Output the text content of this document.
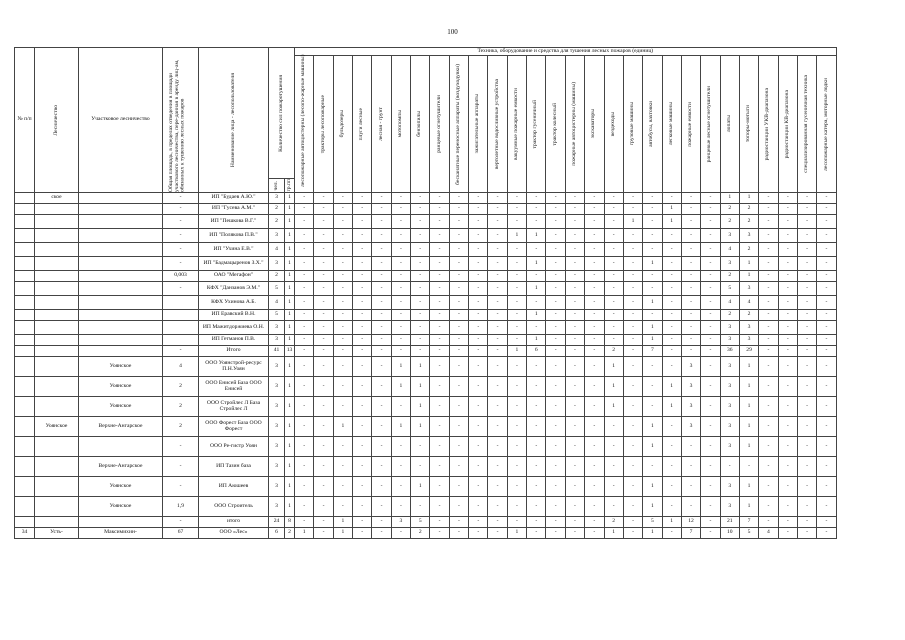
100
№ п/п	Лесничество	Участковое лесничество	Общая площадь, в пределах отведения в площади участкового лесничества, пере-данная в аренду лиц-ам, обязанных к тушению лесных пожаров	Наименование лица - лесопользователя	Количество сил пожаротушения		Техника, оборудование и средства для тушения лесных пожаров (единиц)																											

							лесопожарные автоцистерны (лесопо-жарные машины)	тракторы лесопожарные	бульдозеры	плуги лесные	лесная - грунт	мотопомпы	бензопилы	ранцевые огнетушители	бесканатные переносные аппараты (воздуходувки)	зажигательные аппараты	вертолетные водосливные устройства	вакуумные пожарные емкости	трактор гусеничный	трактор колесный	пожарные автоцистерны (машины)	экскаваторы	вездеходы	грузовые машины	автобусы, вахтовки	легковые машины	пожарные емкости	ранцевые лесные огнетушители	лопаты	топоры-мотыги	радиостанции УКВ-диапазона	радиостанции КВ-диапазона	специализированная гусеничная техника	лесопожарные катера, моторные лодки

					чел.	гр.пп																												

	ское		-	ИП "Будаев А.Ю."	3	1	-	-	-	-	-	-	-	-	-	-	-	-	-	-	-	-	-	-	-	-	-	-	1	1	-	-	-	-
			-	ИП "Гусева А.М."	2	1	-	-	-	-	-	-	-	-	-	-	-	-	-	-	-	-	-	-	-	1	-	-	2	2	-	-	-	-
			-	ИП "Пешкова В.Г."	2	1	-	-	-	-	-	-	-	-	-	-	-	-	-	-	-	-	-	1	-	1	-	-	2	2	-	-	-	-
			-	ИП "Полякова П.В."	3	1	-	-	-	-	-	-	-	-	-	-	-	1	1	-	-	-	-	-	-	-	-	-	3	3	-	-	-	-
			-	ИП "Ухина Е.В."	4	1	-	-	-	-	-	-	-	-	-	-	-	-	-	-	-	-	-	-	-	-	-	-	4	2	-	-	-	-
			-	ИП "Бадмацыренов З.Х."	3	1	-	-	-	-	-	-	-	-	-	-	-	-	1	-	-	-	-	-	1	-	-	-	3	1	-	-	-	-
			0,003	ОАО "Мегафон"	2	1	-	-	-	-	-	-	-	-	-	-	-	-	-	-	-	-	-	-	-	-	-	-	2	1	-	-	-	-
			-	КФХ "Данзанов Э.М."	5	1	-	-	-	-	-	-	-	-	-	-	-	-	1	-	-	-	-	-	-	-	-	-	5	3	-	-	-	-
				КФХ Ухинова А.Б.	4	1	-	-	-	-	-	-	-	-	-	-	-	-	-	-	-	-	-	-	1	-	-	-	4	4	-	-	-	-
				ИП Еравский В.Н.	5	1	-	-	-	-	-	-	-	-	-	-	-	-	1	-	-	-	-	-	-	-	-	-	2	2	-	-	-	-
				ИП Мажитдоржиева О.Н.	3	1	-	-	-	-	-	-	-	-	-	-	-	-	-	-	-	-	-	-	1	-	-	-	3	3	-	-	-	-
				ИП Гетманов П.В.	3	1	-	-	-	-	-	-	-	-	-	-	-	-	1	-	-	-	-	-	1	-	-	-	3	3	-	-	-	-
			-	Итого	41	13	-	-	-	-	-	-	-	-	-	-	-	1	6	-	-	-	2	-	7	-	-	-	36	29	-	-	-	-
		Уоянское	4	ООО Уоянстрой-ресурс П.Н.Уоян	3	1	-	-	-	-	-	1	1	-	-	-	-	-	-	-	-	-	1	-	-	-	3	-	3	1	-	-	-	-
		Уоянское	2	ООО Енисей База ООО Енисей	3	1	-	-	-	-	-	1	1	-	-	-	-	-	-	-	-	-	1	-	-	1	3	-	3	1	-	-	-	-
		Уоянское	2	ООО Стройлес Л База Стройлес Л	3	1	-	-	-	-	-	-	1	-	-	-	-	-	-	-	-	-	1	-	-	1	3	-	3	1	-	-	-	-
	Уоянское	Верхне-Ангарское	2	ООО Форест База ООО Форест	3	1	-	-	1	-	-	1	1	-	-	-	-	-	-	-	-	-	-	-	1	-	3	-	3	1	-	-	-	-
			-	ООО Ре-гистр Уоян	3	1	-	-	-	-	-	-	-	-	-	-	-	-	-	-	-	-	-	-	1	-	-	-	3	1	-	-	-	-
		Верхне-Ангарское	-	ИП Тазин база	3	1	-	-	-	-	-	-	-	-	-	-	-	-	-	-	-	-	-	-	-	-	-	-	-	-	-	-	-	-
		Уоянское	-	ИП Аюшеев	3	1	-	-	-	-	-	-	1	-	-	-	-	-	-	-	-	-	-	-	1	-	-	-	3	1	-	-	-	-
		Уоянское	1,9	ООО Строитель	3	1	-	-	-	-	-	-	-	-	-	-	-	-	-	-	-	-	-	-	1	-	-	-	3	1	-	-	-	-
			-	итого	24	8	-	-	1	-	-	3	5	-	-	-	-	-	-	-	-	-	2	-	5	1	12	-	21	7	-	-	-	-
34	Усть-	Максимихин-	67	ООО «Лес»	6	2	1	-	1	-	-	-	2	-	-	-	-	1	-	-	-	-	1	-	1	-	7	-	10	5	4	-	-	-
